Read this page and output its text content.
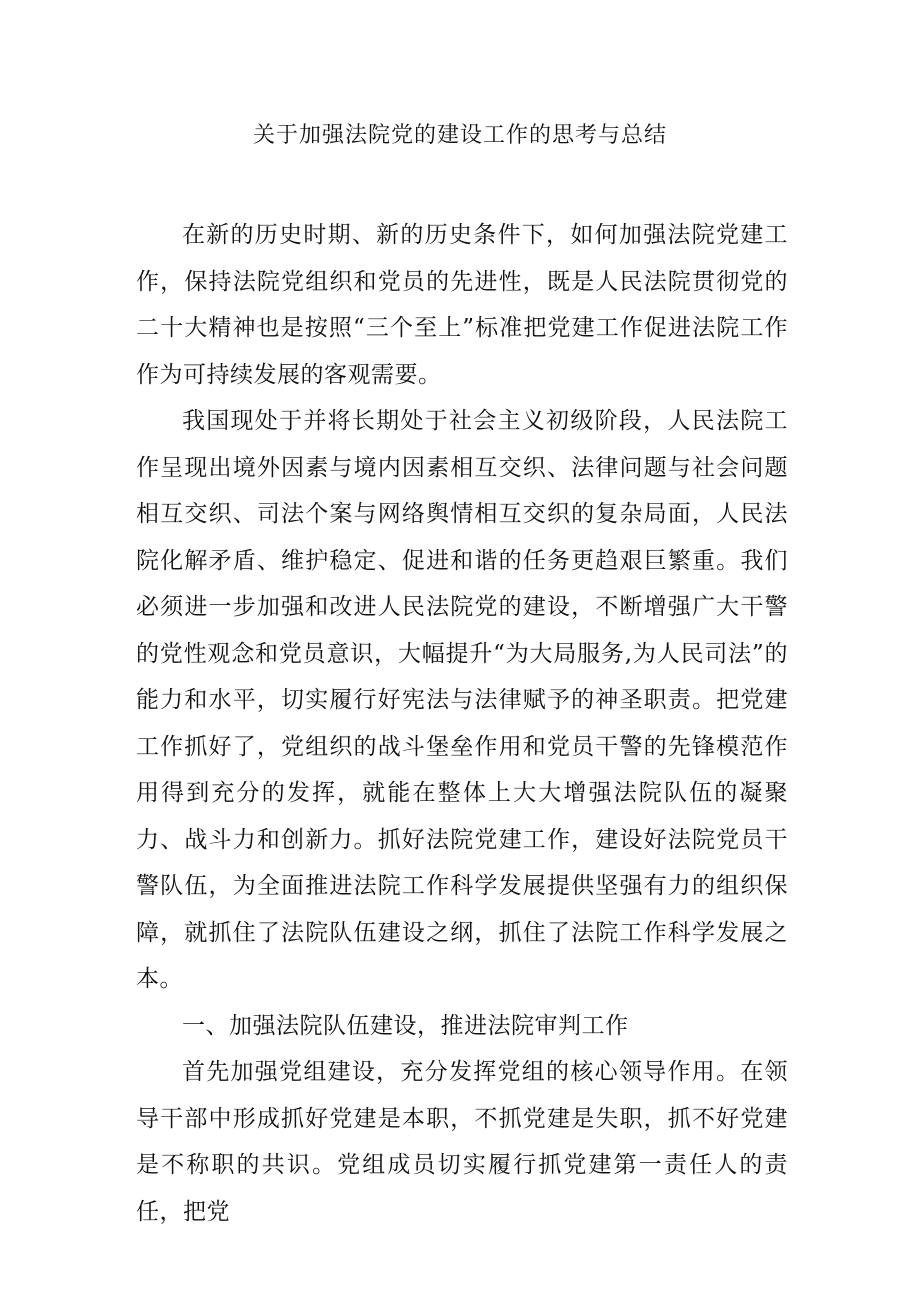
关于加强法院党的建设工作的思考与总结

在新的历史时期、新的历史条件下，如何加强法院党建工作，保持法院党组织和党员的先进性，既是人民法院贯彻党的二十大精神也是按照“三个至上”标准把党建工作促进法院工作作为可持续发展的客观需要。

我国现处于并将长期处于社会主义初级阶段，人民法院工作呈现出境外因素与境内因素相互交织、法律问题与社会问题相互交织、司法个案与网络舆情相互交织的复杂局面，人民法院化解矛盾、维护稳定、促进和谐的任务更趋艰巨繁重。我们必须进一步加强和改进人民法院党的建设，不断增强广大干警的党性观念和党员意识，大幅提升“为大局服务,为人民司法”的能力和水平，切实履行好宪法与法律赋予的神圣职责。把党建工作抓好了，党组织的战斗堡垒作用和党员干警的先锋模范作用得到充分的发挥，就能在整体上大大增强法院队伍的凝聚力、战斗力和创新力。抓好法院党建工作，建设好法院党员干警队伍，为全面推进法院工作科学发展提供坚强有力的组织保障，就抓住了法院队伍建设之纲，抓住了法院工作科学发展之本。

一、加强法院队伍建设，推进法院审判工作

首先加强党组建设，充分发挥党组的核心领导作用。在领导干部中形成抓好党建是本职，不抓党建是失职，抓不好党建是不称职的共识。党组成员切实履行抓党建第一责任人的责任，把党
